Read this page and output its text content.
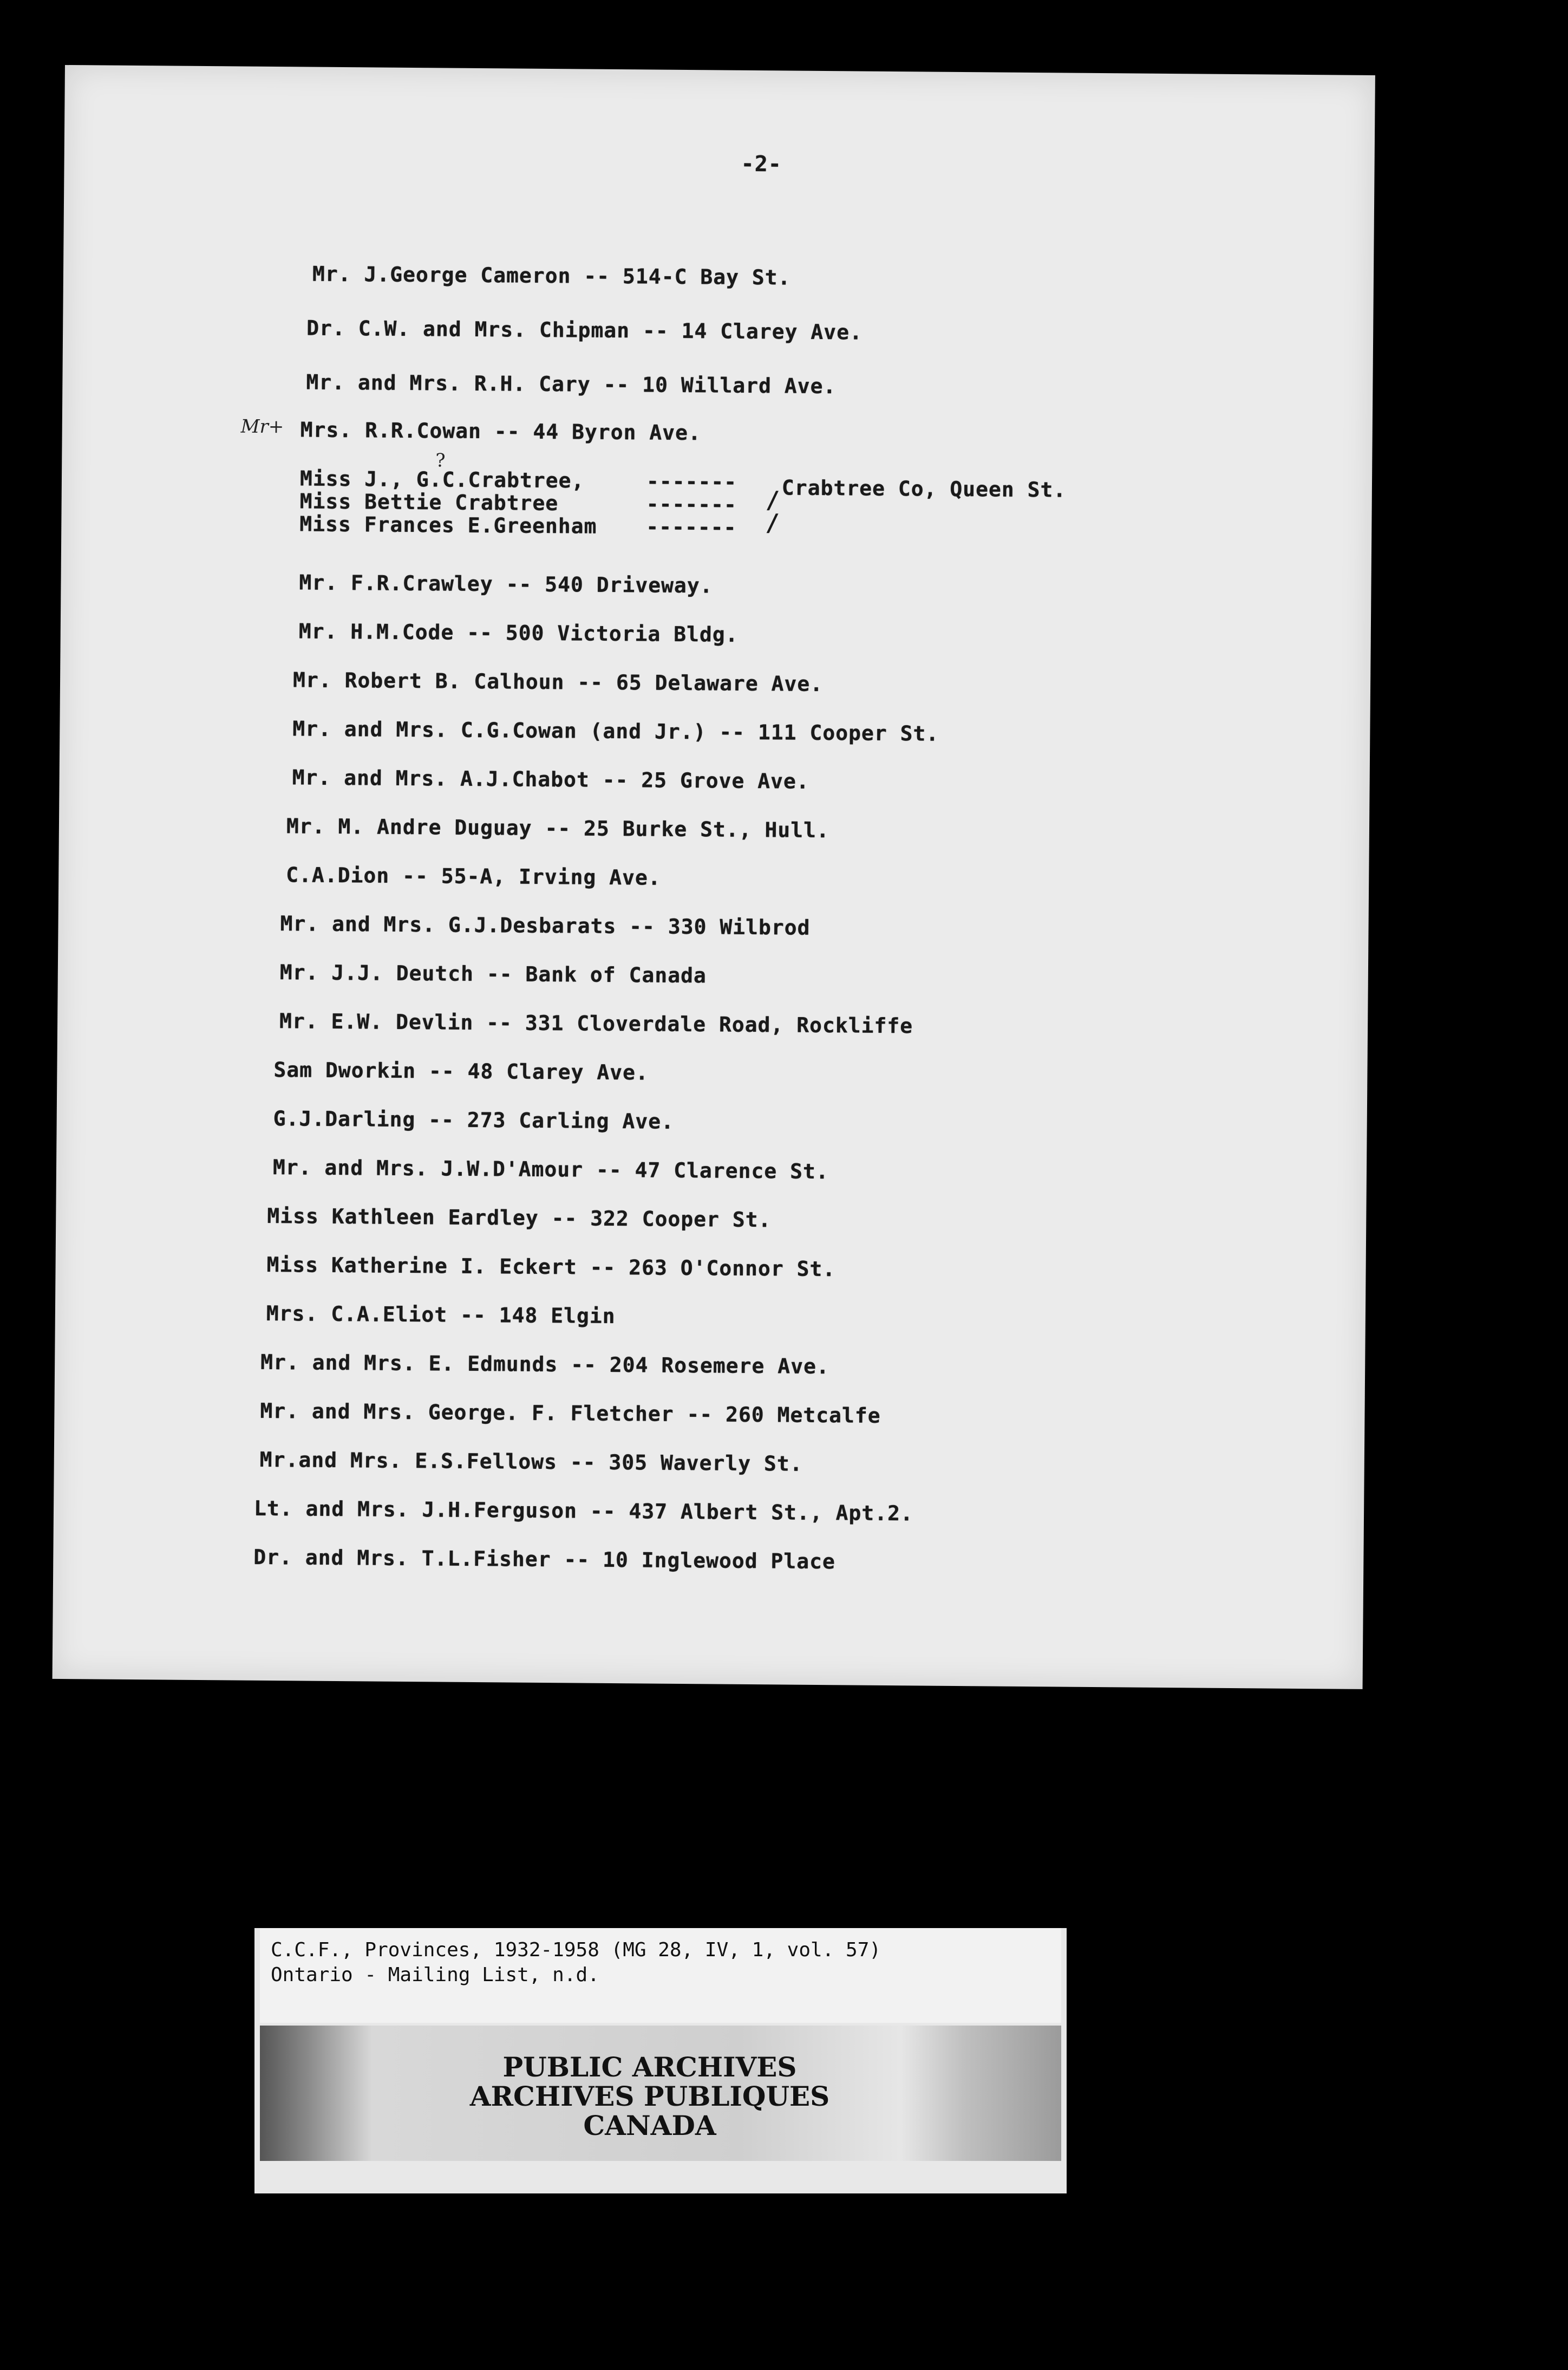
-2-
Mr. J.George Cameron -- 514-C Bay St.
Dr. C.W. and Mrs. Chipman -- 14 Clarey Ave.
Mr. and Mrs. R.H. Cary -- 10 Willard Ave.
Mr+ Mrs. R.R.Cowan -- 44 Byron Ave.
?
Miss J., G.C.Crabtree,
Miss Bettie Crabtree
Miss Frances E.Greenham
-------
-------
-------
/
/
Crabtree Co, Queen St.
Mr. F.R.Crawley -- 540 Driveway.
Mr. H.M.Code -- 500 Victoria Bldg.
Mr. Robert B. Calhoun -- 65 Delaware Ave.
Mr. and Mrs. C.G.Cowan (and Jr.) -- 111 Cooper St.
Mr. and Mrs. A.J.Chabot -- 25 Grove Ave.
Mr. M. Andre Duguay -- 25 Burke St., Hull.
C.A.Dion -- 55-A, Irving Ave.
Mr. and Mrs. G.J.Desbarats -- 330 Wilbrod
Mr. J.J. Deutch -- Bank of Canada
Mr. E.W. Devlin -- 331 Cloverdale Road, Rockliffe
Sam Dworkin -- 48 Clarey Ave.
G.J.Darling -- 273 Carling Ave.
Mr. and Mrs. J.W.D'Amour -- 47 Clarence St.
Miss Kathleen Eardley -- 322 Cooper St.
Miss Katherine I. Eckert -- 263 O'Connor St.
Mrs. C.A.Eliot -- 148 Elgin
Mr. and Mrs. E. Edmunds -- 204 Rosemere Ave.
Mr. and Mrs. George. F. Fletcher -- 260 Metcalfe
Mr.and Mrs. E.S.Fellows -- 305 Waverly St.
Lt. and Mrs. J.H.Ferguson -- 437 Albert St., Apt.2.
Dr. and Mrs. T.L.Fisher -- 10 Inglewood Place
C.C.F., Provinces, 1932-1958 (MG 28, IV, 1, vol. 57)
Ontario - Mailing List, n.d.
PUBLIC ARCHIVES
ARCHIVES PUBLIQUES
CANADA
